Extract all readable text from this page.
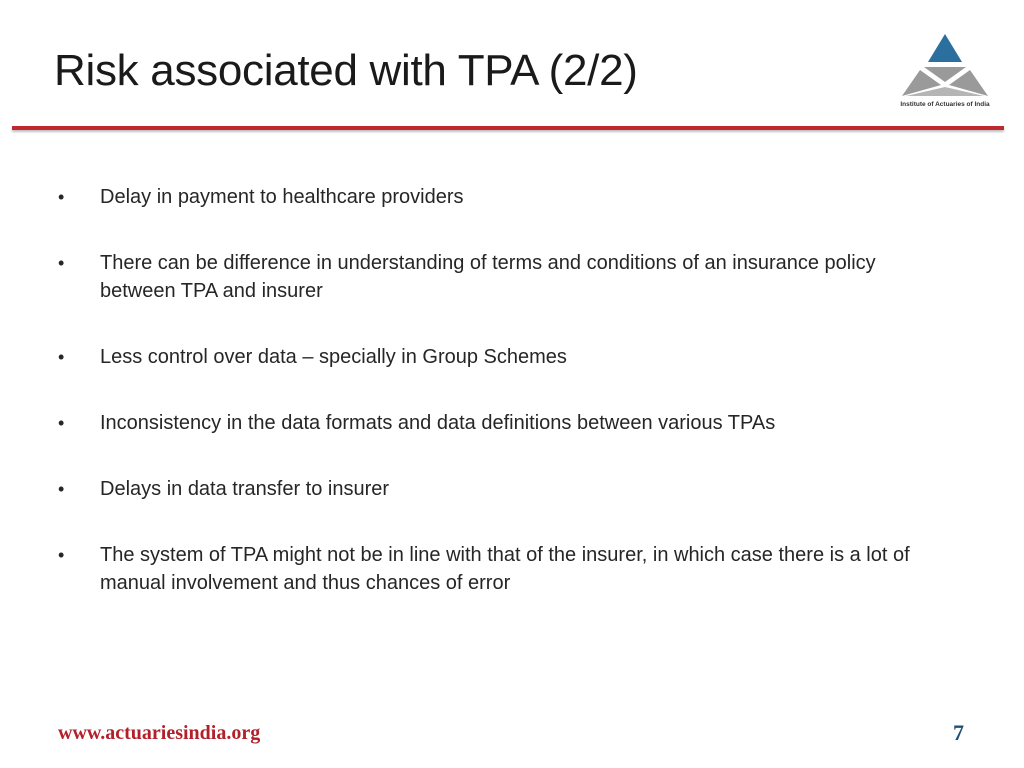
Risk associated with TPA (2/2)
Institute of Actuaries of India
• Delay in payment to healthcare providers
• There can be difference in understanding of terms and conditions of an insurance policy between TPA and insurer
• Less control over data – specially in Group Schemes
• Inconsistency in the data formats and data definitions between various TPAs
• Delays in data transfer to insurer
• The system of TPA might not be in line with that of the insurer, in which case there is a lot of manual involvement and thus chances of error
www.actuariesindia.org	7
